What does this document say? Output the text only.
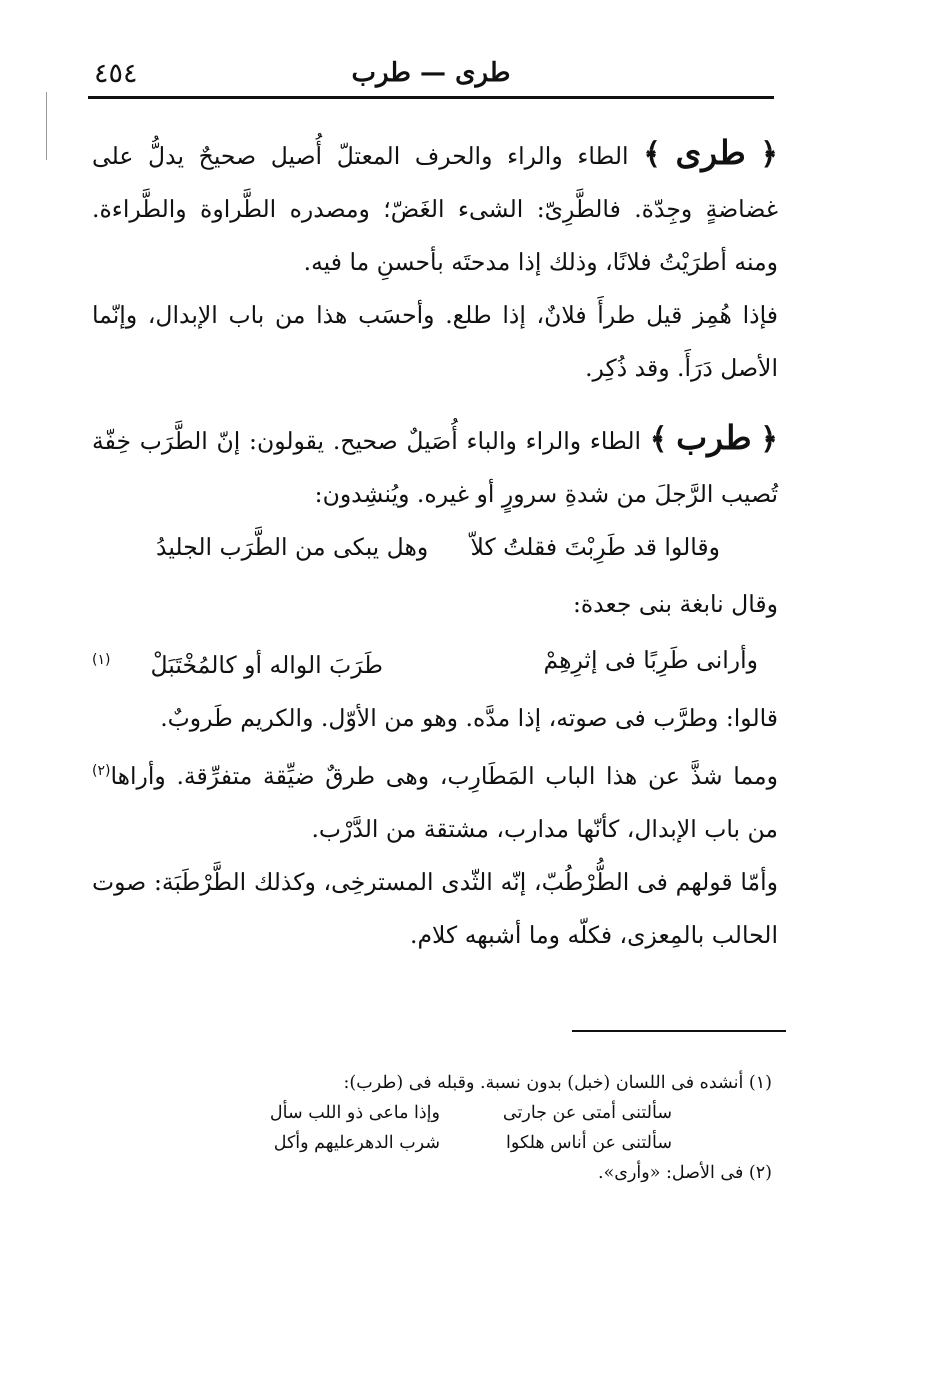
طرى — طرب
٤٥٤

﴿ طرى ﴾ الطاء والراء والحرف المعتلّ أُصيل صحيحٌ يدلُّ على غضاضةٍ وجِدّة. فالطَّرِىّ: الشىء الغَضّ؛ ومصدره الطَّراوة والطَّراءة. ومنه أطرَيْتُ فلانًا، وذلك إذا مدحتَه بأحسنِ ما فيه.

فإذا هُمِز قيل طرأَ فلانٌ، إذا طلع. وأحسَب هذا من باب الإبدال، وإنّما الأصل دَرَأَ. وقد ذُكِر.

﴿ طرب ﴾ الطاء والراء والباء أُصَيلٌ صحيح. يقولون: إنّ الطَّرَب خِفّة تُصيب الرَّجلَ من شدةِ سرورٍ أو غيره. ويُنشِدون:

وقالوا قد طَرِبْتَ فقلتُ كلاّ
وهل يبكى من الطَّرَب الجليدُ

وقال نابغة بنى جعدة:

وأرانى طَرِبًا فى إثرِهِمْ
طَرَبَ الواله أو كالمُخْتَبَلْ$^{(١)}$

قالوا: وطرَّب فى صوته، إذا مدَّه. وهو من الأوّل. والكريم طَروبٌ.

ومما شذَّ عن هذا الباب المَطَارِب، وهى طرقٌ ضيِّقة متفرِّقة. وأراها$^{(٢)}$ من باب الإبدال، كأنّها مدارب، مشتقة من الدَّرْب.

وأمّا قولهم فى الطُّرْطُبّ، إنّه الثّدى المسترخِى، وكذلك الطَّرْطَبَة: صوت الحالب بالمِعزى، فكلّه وما أشبهه كلام.

(١) أنشده فى اللسان (خبل) بدون نسبة. وقبله فى (طرب):
سألتنى أمتى عن جارتى
وإذا ماعى ذو اللب سأل
سألتنى عن أناس هلكوا
شرب الدهرعليهم وأكل
(٢) فى الأصل: «وأرى».
